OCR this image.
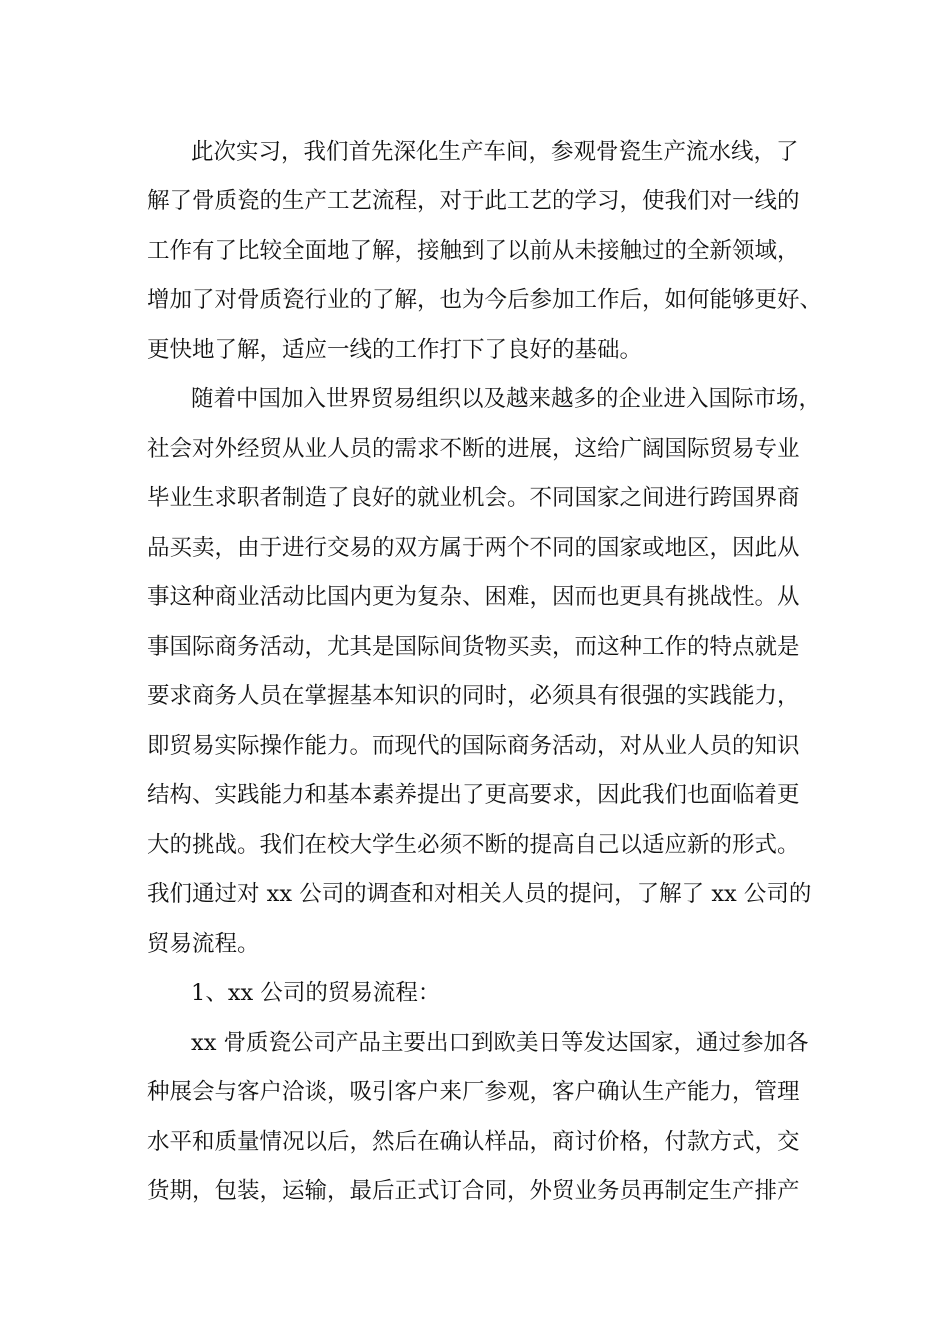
此次实习，我们首先深化生产车间，参观骨瓷生产流水线，了
解了骨质瓷的生产工艺流程，对于此工艺的学习，使我们对一线的
工作有了比较全面地了解，接触到了以前从未接触过的全新领域，
增加了对骨质瓷行业的了解，也为今后参加工作后，如何能够更好、
更快地了解，适应一线的工作打下了良好的基础。
随着中国加入世界贸易组织以及越来越多的企业进入国际市场，
社会对外经贸从业人员的需求不断的进展，这给广阔国际贸易专业
毕业生求职者制造了良好的就业机会。不同国家之间进行跨国界商
品买卖，由于进行交易的双方属于两个不同的国家或地区，因此从
事这种商业活动比国内更为复杂、困难，因而也更具有挑战性。从
事国际商务活动，尤其是国际间货物买卖，而这种工作的特点就是
要求商务人员在掌握基本知识的同时，必须具有很强的实践能力，
即贸易实际操作能力。而现代的国际商务活动，对从业人员的知识
结构、实践能力和基本素养提出了更高要求，因此我们也面临着更
大的挑战。我们在校大学生必须不断的提高自己以适应新的形式。
我们通过对 xx 公司的调查和对相关人员的提问，了解了 xx 公司的
贸易流程。
1、xx 公司的贸易流程：
xx 骨质瓷公司产品主要出口到欧美日等发达国家，通过参加各
种展会与客户洽谈，吸引客户来厂参观，客户确认生产能力，管理
水平和质量情况以后，然后在确认样品，商讨价格，付款方式，交
货期，包装，运输，最后正式订合同，外贸业务员再制定生产排产
